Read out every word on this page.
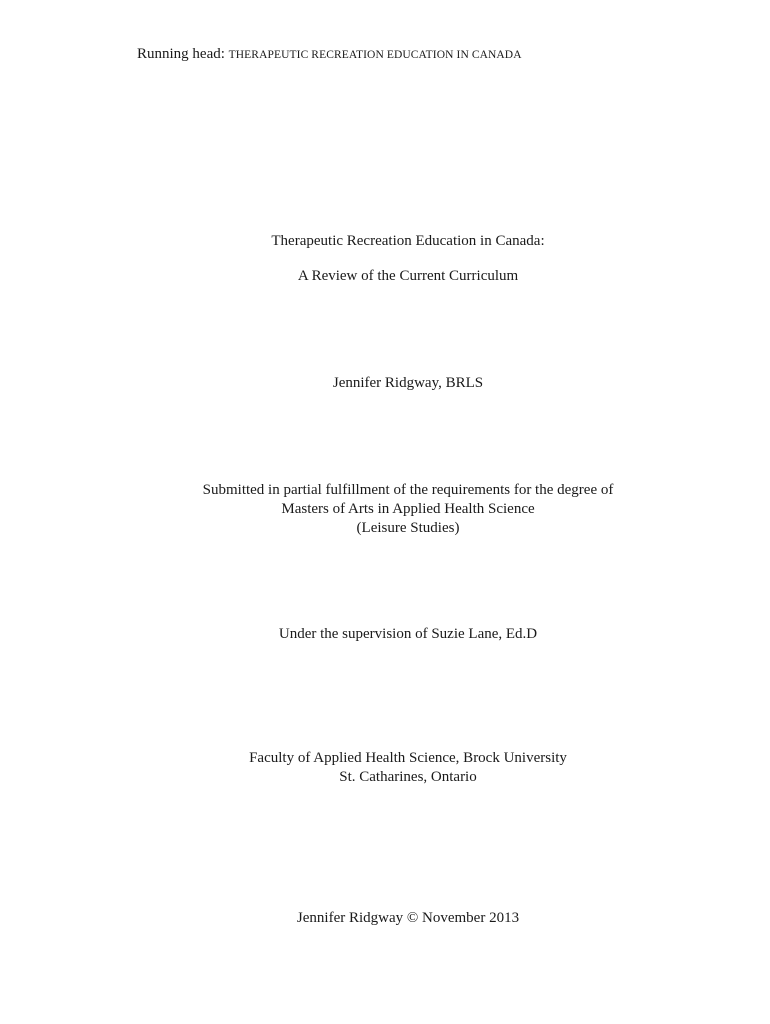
Running head: THERAPEUTIC RECREATION EDUCATION IN CANADA
Therapeutic Recreation Education in Canada:
A Review of the Current Curriculum
Jennifer Ridgway, BRLS
Submitted in partial fulfillment of the requirements for the degree of
Masters of Arts in Applied Health Science
(Leisure Studies)
Under the supervision of Suzie Lane, Ed.D
Faculty of Applied Health Science, Brock University
St. Catharines, Ontario
Jennifer Ridgway © November 2013
